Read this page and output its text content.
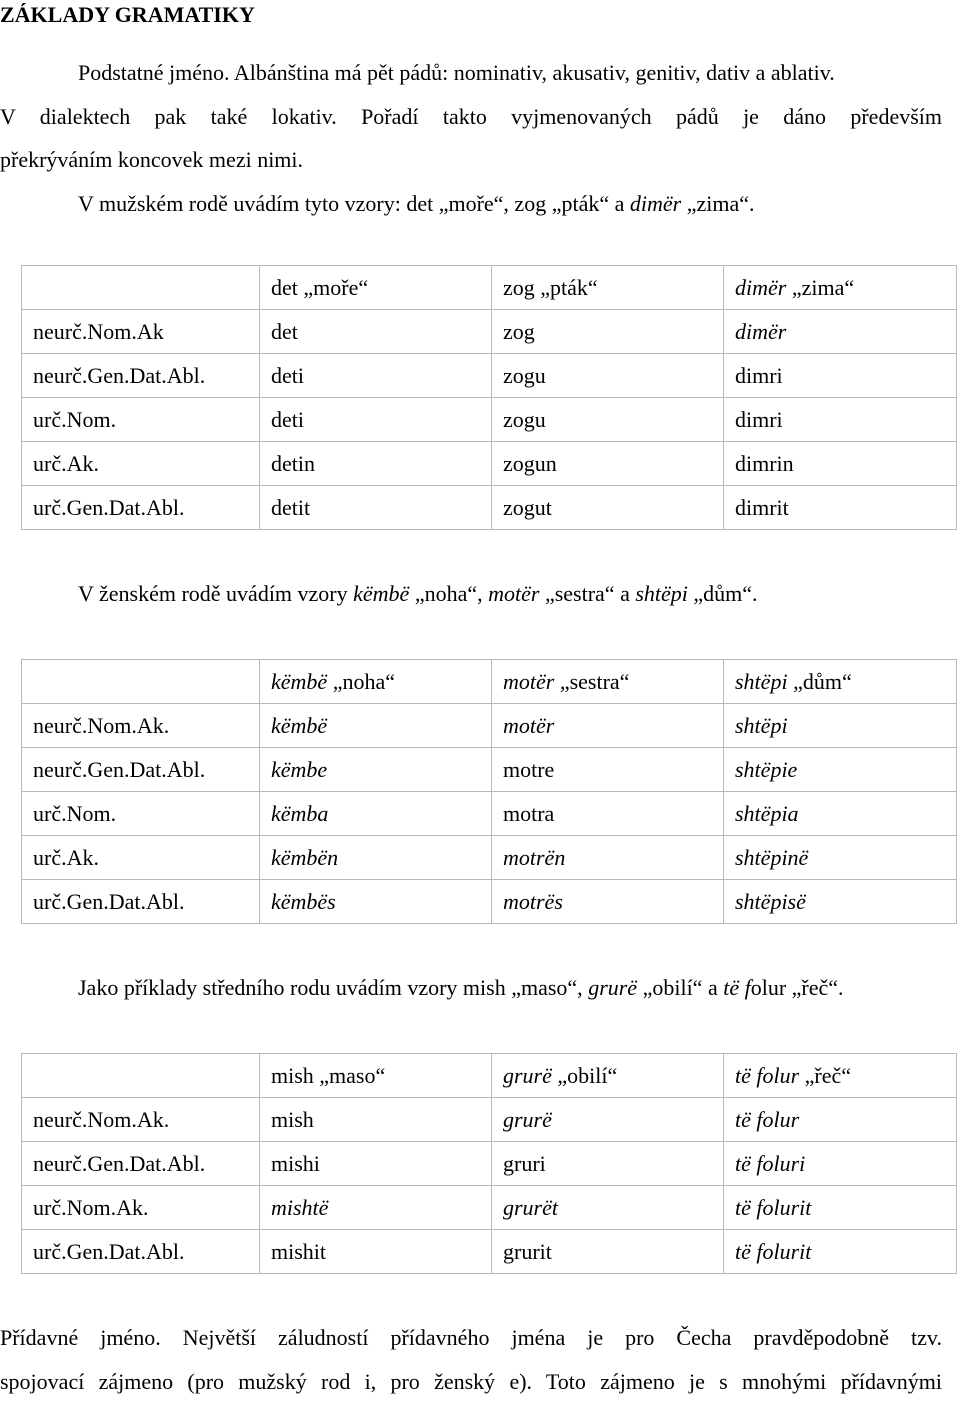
ZÁKLADY GRAMATIKY

Podstatné jméno. Albánština má pět pádů: nominativ, akusativ, genitiv, dativ a ablativ.

V dialektech pak také lokativ. Pořadí takto vyjmenovaných pádů je dáno především

překrýváním koncovek mezi nimi.

V mužském rodě uvádím tyto vzory: det „moře“, zog „pták“ a dimër „zima“.

	det „moře“	zog „pták“	dimër „zima“
neurč.Nom.Ak	det	zog	dimër
neurč.Gen.Dat.Abl.	deti	zogu	dimri
urč.Nom.	deti	zogu	dimri
urč.Ak.	detin	zogun	dimrin
urč.Gen.Dat.Abl.	detit	zogut	dimrit

V ženském rodě uvádím vzory këmbë „noha“, motër „sestra“ a shtëpi „dům“.

	këmbë „noha“	motër „sestra“	shtëpi „dům“
neurč.Nom.Ak.	këmbë	motër	shtëpi
neurč.Gen.Dat.Abl.	këmbe	motre	shtëpie
urč.Nom.	këmba	motra	shtëpia
urč.Ak.	këmbën	motrën	shtëpinë
urč.Gen.Dat.Abl.	këmbës	motrës	shtëpisë

Jako příklady středního rodu uvádím vzory mish „maso“, grurë „obilí“ a të folur „řeč“.

	mish „maso“	grurë „obilí“	të folur „řeč“
neurč.Nom.Ak.	mish	grurë	të folur
neurč.Gen.Dat.Abl.	mishi	gruri	të foluri
urč.Nom.Ak.	mishtë	grurët	të folurit
urč.Gen.Dat.Abl.	mishit	grurit	të folurit

Přídavné jméno. Největší záludností přídavného jména je pro Čecha pravděpodobně tzv.

spojovací zájmeno (pro mužský rod i, pro ženský e). Toto zájmeno je s mnohými přídavnými
